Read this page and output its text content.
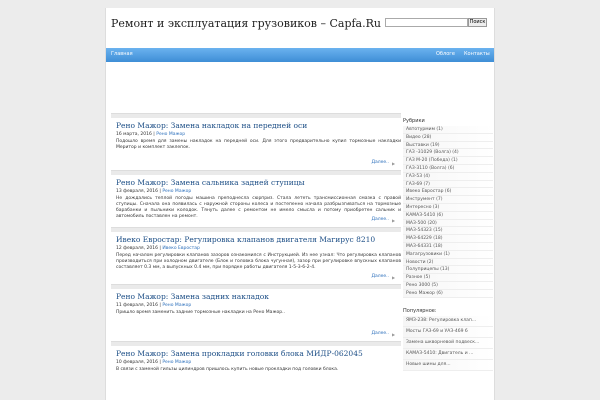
Ремонт и эксплуатация грузовиков – Capfa.Ru	Поиск
Главная	Облоге Контакты
Рено Мажор: Замена накладок на передней оси
16 марта, 2016 | Рено Мажор
Подошло время для замены накладок на передней оси. Для этого предварительно купил тормозные накладки Меритор и комплект заклепок.
Далее.. ▶
Рено Мажор: Замена сальника задней ступицы
13 февраля, 2016 | Рено Мажор
Не дождались теплой погоды машина преподнесла сюрприз. Стала лететь трансмиссионная смазка с правой ступицы. Сначала она появилась с наружной стороны колеса и постепенно начала разбрызгиваться на тормозные барабанки и пыльники колодок. Тянуть далее с ремонтом не имело смысла и потому приобретен сальник и автомобиль поставлен на ремонт.
Далее.. ▶
Ивеко Евростар: Регулировка клапанов двигателя Магирус 8210
12 февраля, 2016 | Ивеко Евростар
Перед началом регулировки клапанов зазоров ознакомился с Инструкцией. Из нее узнал: Что регулировка клапанов производиться при холодном двигателе (Блок и головка блока чугунная), зазор при регулировке впускных клапанов составляет 0.3 мм, а выпускных 0.4 мм, при порядке работы двигателя 1-5-3-6-2-4.
Далее.. ▶
Рено Мажор: Замена задних накладок
11 февраля, 2016 | Рено Мажор
Пришло время заменить задние тормозные накладки на Рено Мажор..
Далее.. ▶
Рено Мажор: Замена прокладки головки блока МИДР-062045
10 февраля, 2016 | Рено Мажор
В связи с заменой гильзы цилиндров пришлось купить новые прокладки под головки блока.
Рубрики
Автотурмим (1)
Видео (28)
Выставки (19)
ГАЗ -31029 (Волга) (4)
ГАЗ М-20 (Победа) (1)
ГАЗ-3110 (Волга) (6)
ГАЗ-53 (4)
ГАЗ-69 (7)
Ивеко Евростар (6)
Инструмент (7)
Интересно (3)
КАМАЗ-5410 (6)
МАЗ-500 (20)
МАЗ-54323 (15)
МАЗ-64229 (18)
МАЗ-64331 (18)
Магагрузовики (1)
Новости (2)
Полуприцепы (13)
Разное (5)
Рено 3000 (5)
Рено Мажор (6)
Популярное:
ЯМЗ-238: Регулировка клап...
Мосты ГАЗ-69 и УАЗ-469 6
Замена шкворневой подвеск...
КАМАЗ-5410: Двигатель и ...
Новые шины для...
